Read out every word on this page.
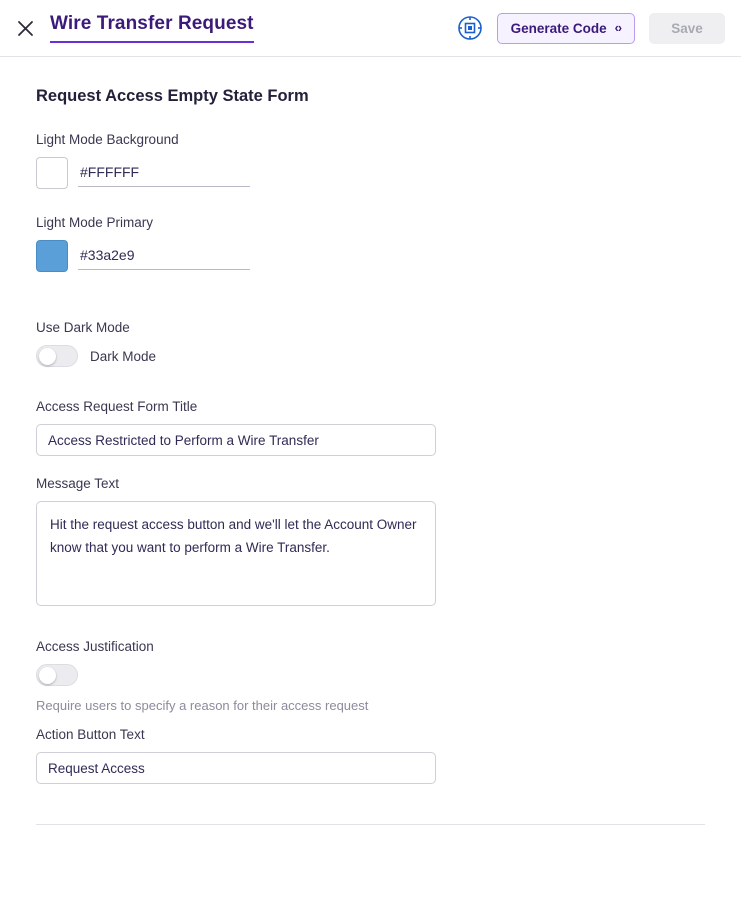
Wire Transfer Request	Generate Code ‹›	Save
Request Access Empty State Form
Light Mode Background
#FFFFFF
Light Mode Primary
#33a2e9
Use Dark Mode
Dark Mode
Access Request Form Title
Access Restricted to Perform a Wire Transfer
Message Text
Hit the request access button and we'll let the Account Owner know that you want to perform a Wire Transfer.
Access Justification
Require users to specify a reason for their access request
Action Button Text
Request Access
